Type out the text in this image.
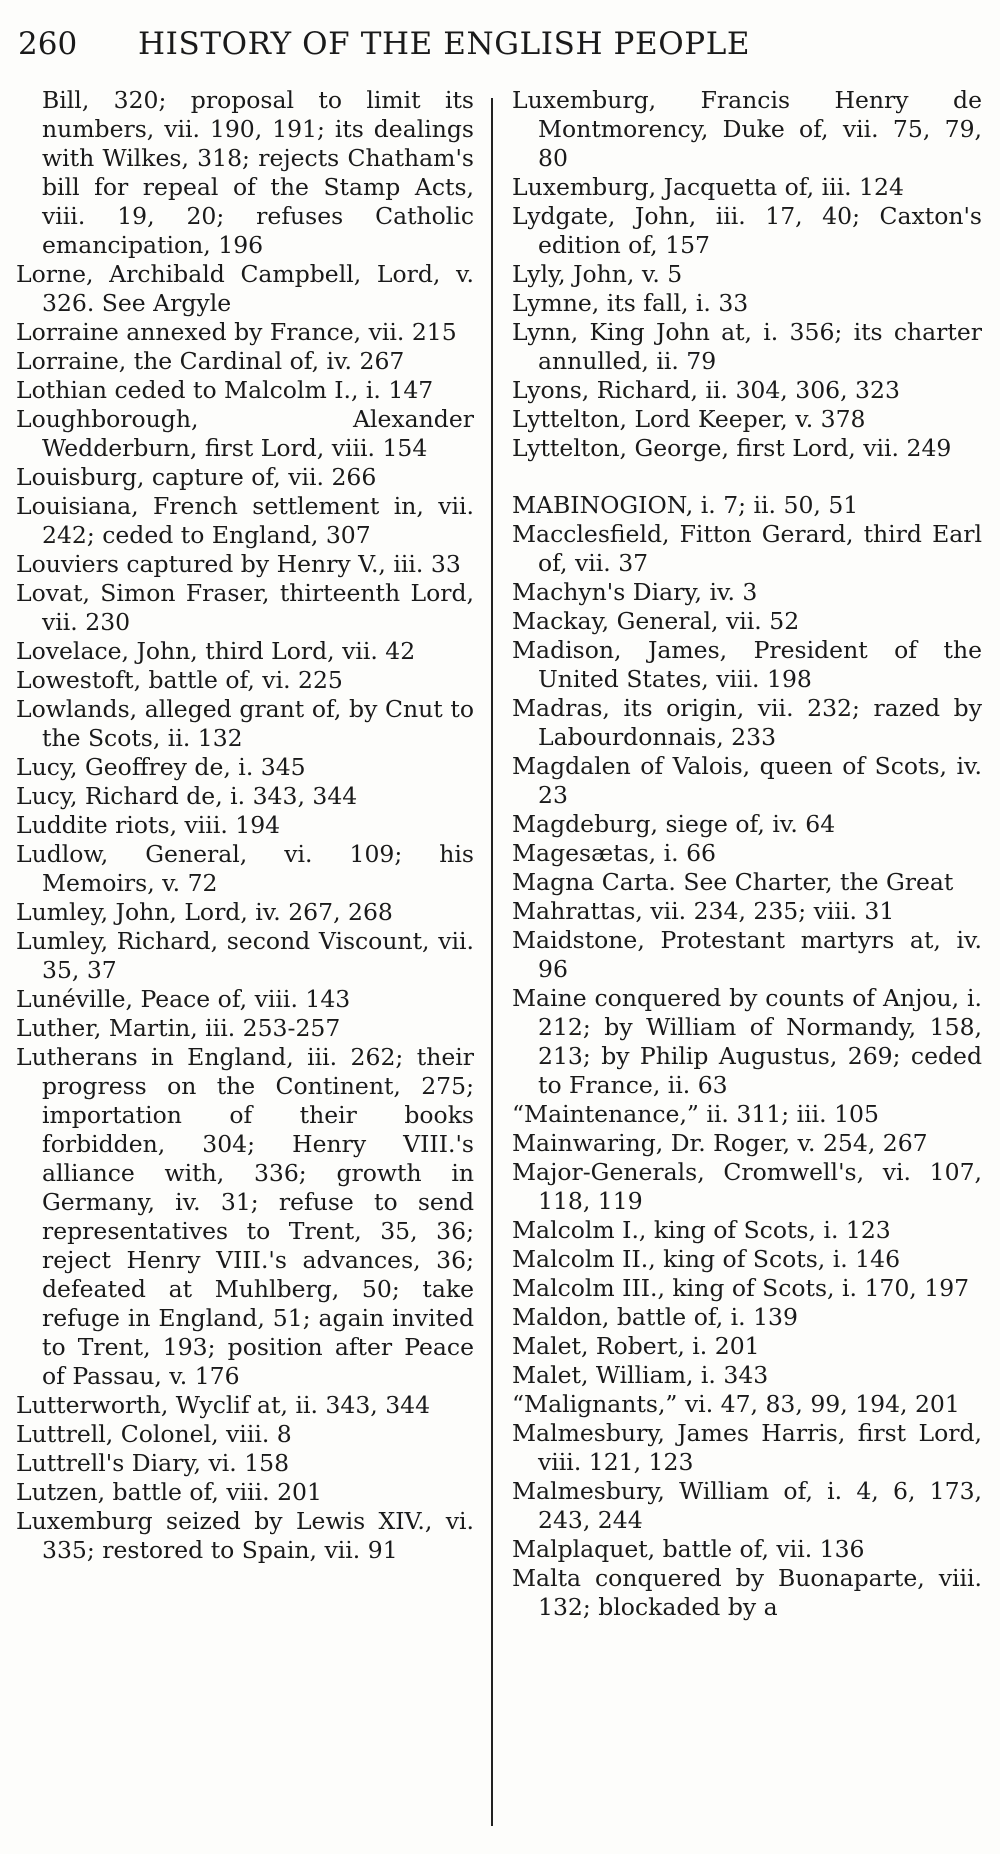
260 HISTORY OF THE ENGLISH PEOPLE

Bill, 320; proposal to limit its numbers, vii. 190, 191; its dealings with Wilkes, 318; rejects Chatham's bill for repeal of the Stamp Acts, viii. 19, 20; refuses Catholic emancipation, 196

Lorne, Archibald Campbell, Lord, v. 326. See Argyle

Lorraine annexed by France, vii. 215

Lorraine, the Cardinal of, iv. 267

Lothian ceded to Malcolm I., i. 147

Loughborough, Alexander Wedderburn, first Lord, viii. 154

Louisburg, capture of, vii. 266

Louisiana, French settlement in, vii. 242; ceded to England, 307

Louviers captured by Henry V., iii. 33

Lovat, Simon Fraser, thirteenth Lord, vii. 230

Lovelace, John, third Lord, vii. 42

Lowestoft, battle of, vi. 225

Lowlands, alleged grant of, by Cnut to the Scots, ii. 132

Lucy, Geoffrey de, i. 345

Lucy, Richard de, i. 343, 344

Luddite riots, viii. 194

Ludlow, General, vi. 109; his Memoirs, v. 72

Lumley, John, Lord, iv. 267, 268

Lumley, Richard, second Viscount, vii. 35, 37

Lunéville, Peace of, viii. 143

Luther, Martin, iii. 253-257

Lutherans in England, iii. 262; their progress on the Continent, 275; importation of their books forbidden, 304; Henry VIII.'s alliance with, 336; growth in Germany, iv. 31; refuse to send representatives to Trent, 35, 36; reject Henry VIII.'s advances, 36; defeated at Muhlberg, 50; take refuge in England, 51; again invited to Trent, 193; position after Peace of Passau, v. 176

Lutterworth, Wyclif at, ii. 343, 344

Luttrell, Colonel, viii. 8

Luttrell's Diary, vi. 158

Lutzen, battle of, viii. 201

Luxemburg seized by Lewis XIV., vi. 335; restored to Spain, vii. 91

Luxemburg, Francis Henry de Montmorency, Duke of, vii. 75, 79, 80

Luxemburg, Jacquetta of, iii. 124

Lydgate, John, iii. 17, 40; Caxton's edition of, 157

Lyly, John, v. 5

Lymne, its fall, i. 33

Lynn, King John at, i. 356; its charter annulled, ii. 79

Lyons, Richard, ii. 304, 306, 323

Lyttelton, Lord Keeper, v. 378

Lyttelton, George, first Lord, vii. 249

MABINOGION, i. 7; ii. 50, 51

Macclesfield, Fitton Gerard, third Earl of, vii. 37

Machyn's Diary, iv. 3

Mackay, General, vii. 52

Madison, James, President of the United States, viii. 198

Madras, its origin, vii. 232; razed by Labourdonnais, 233

Magdalen of Valois, queen of Scots, iv. 23

Magdeburg, siege of, iv. 64

Magesætas, i. 66

Magna Carta. See Charter, the Great

Mahrattas, vii. 234, 235; viii. 31

Maidstone, Protestant martyrs at, iv. 96

Maine conquered by counts of Anjou, i. 212; by William of Normandy, 158, 213; by Philip Augustus, 269; ceded to France, ii. 63

“Maintenance,” ii. 311; iii. 105

Mainwaring, Dr. Roger, v. 254, 267

Major-Generals, Cromwell's, vi. 107, 118, 119

Malcolm I., king of Scots, i. 123

Malcolm II., king of Scots, i. 146

Malcolm III., king of Scots, i. 170, 197

Maldon, battle of, i. 139

Malet, Robert, i. 201

Malet, William, i. 343

“Malignants,” vi. 47, 83, 99, 194, 201

Malmesbury, James Harris, first Lord, viii. 121, 123

Malmesbury, William of, i. 4, 6, 173, 243, 244

Malplaquet, battle of, vii. 136

Malta conquered by Buonaparte, viii. 132; blockaded by a
